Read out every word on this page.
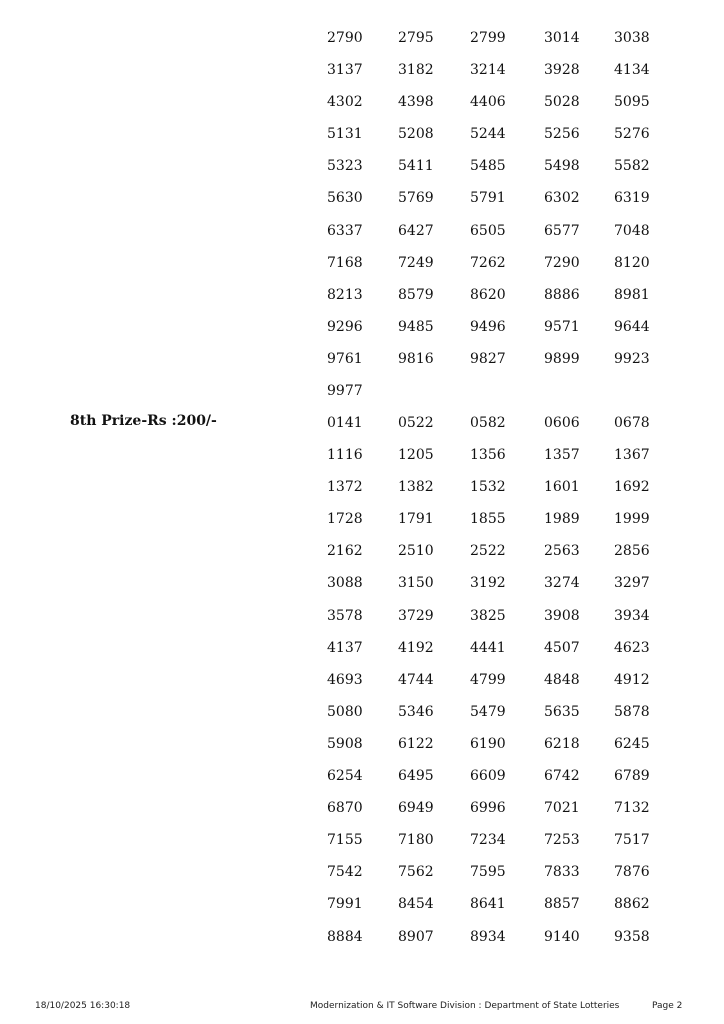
2790	2795	2799	3014 3038
3137	3182	3214	3928 4134
4302	4398	4406	5028 5095
5131	5208	5244	5256 5276
5323	5411	5485	5498 5582
5630	5769	5791	6302 6319
6337	6427	6505	6577 7048
7168	7249	7262	7290 8120
8213	8579	8620	8886 8981
9296	9485	9496	9571 9644
9761	9816	9827	9899 9923
9977
8th Prize-Rs :200/-	0141	0522	0582	0606 0678
1116	1205	1356	1357 1367
1372	1382	1532	1601 1692
1728	1791	1855	1989 1999
2162	2510	2522	2563 2856
3088	3150	3192	3274 3297
3578	3729	3825	3908 3934
4137	4192	4441	4507 4623
4693	4744	4799	4848 4912
5080	5346	5479	5635 5878
5908	6122	6190	6218 6245
6254	6495	6609	6742 6789
6870	6949	6996	7021 7132
7155	7180	7234	7253 7517
7542	7562	7595	7833 7876
7991	8454	8641	8857 8862
8884	8907	8934	9140 9358
18/10/2025 16:30:18	Modernization & IT Software Division : Department of State Lotteries	Page 2
